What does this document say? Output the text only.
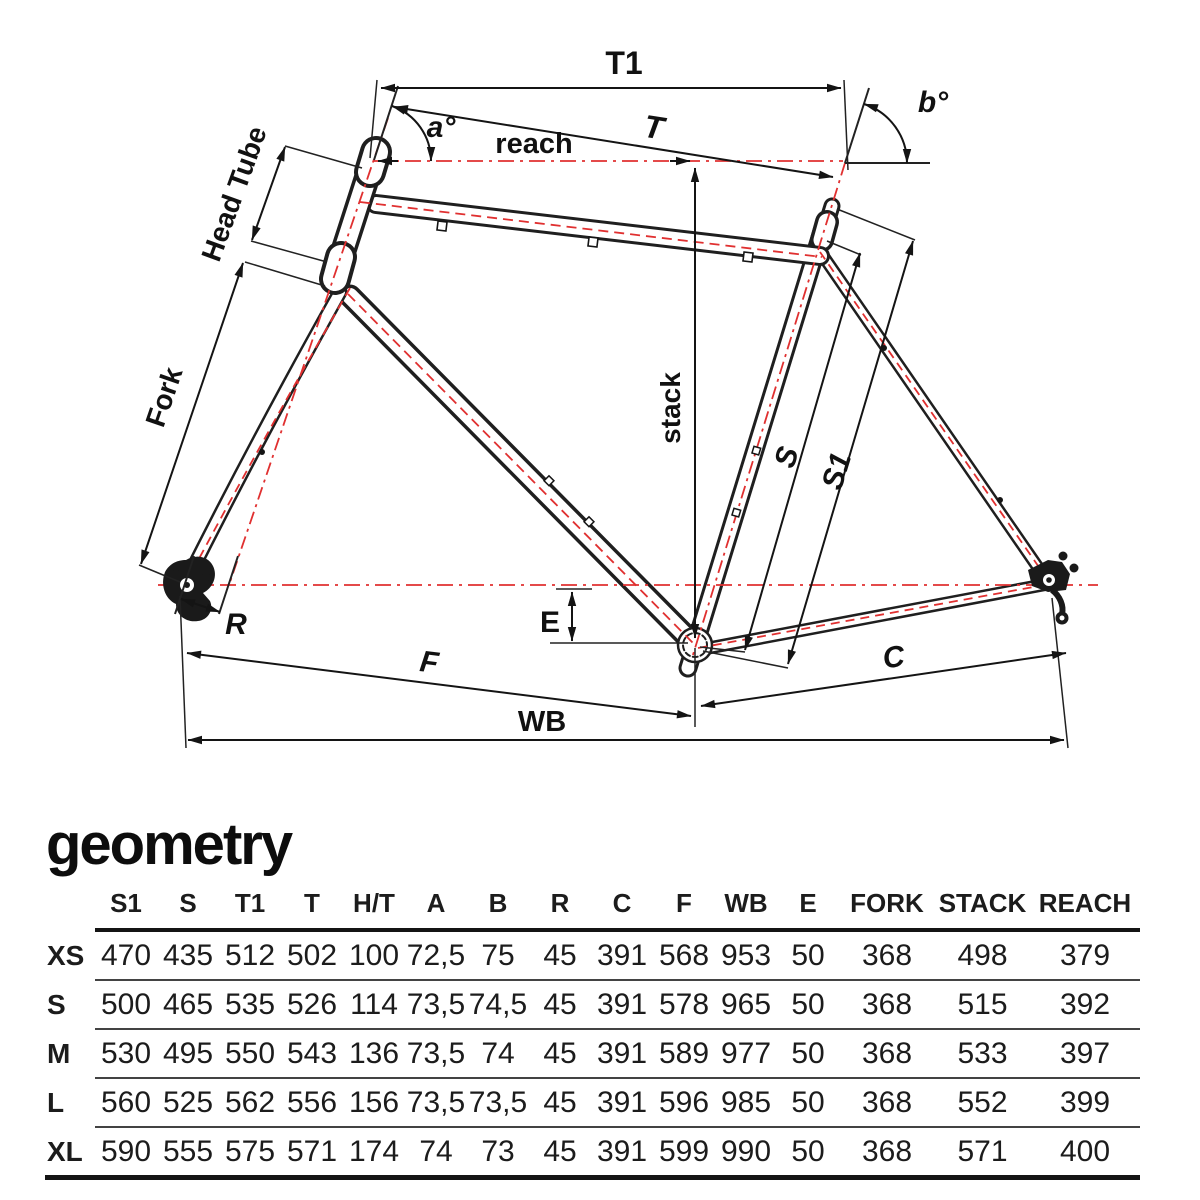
T1
T
a°
b°
reach
Head Tube
Fork	stack
S S1
E
R
F
WB
C
geometry
	S1	S	T1	T	H/T	A	B	R	C	F	WB	E	FORK	STACK	REACH
XS	470	435	512	502	100	72,5	75	45	391	568	953	50	368	498	379
S	500	465	535	526	114	73,5	74,5	45	391	578	965	50	368	515	392
M	530	495	550	543	136	73,5	74	45	391	589	977	50	368	533	397
L	560	525	562	556	156	73,5	73,5	45	391	596	985	50	368	552	399
XL	590	555	575	571	174	74	73	45	391	599	990	50	368	571	400
